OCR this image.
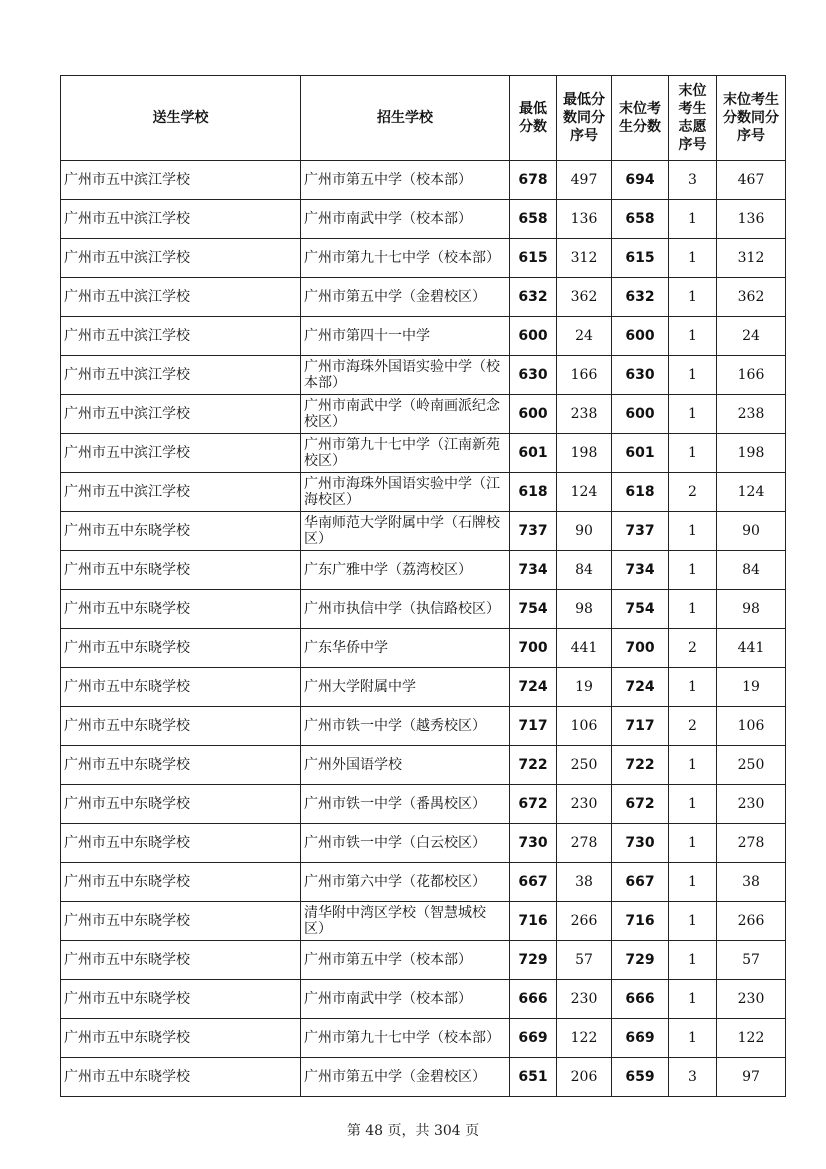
送生学校	招生学校	最低分数	最低分数同分序号	末位考生分数	末位考生志愿序号	末位考生分数同分序号

广州市五中滨江学校	广州市第五中学（校本部）	678	497	694	3	467
广州市五中滨江学校	广州市南武中学（校本部）	658	136	658	1	136
广州市五中滨江学校	广州市第九十七中学（校本部）	615	312	615	1	312
广州市五中滨江学校	广州市第五中学（金碧校区）	632	362	632	1	362
广州市五中滨江学校	广州市第四十一中学	600	24	600	1	24
广州市五中滨江学校	广州市海珠外国语实验中学（校本部）	630	166	630	1	166
广州市五中滨江学校	广州市南武中学（岭南画派纪念校区）	600	238	600	1	238
广州市五中滨江学校	广州市第九十七中学（江南新苑校区）	601	198	601	1	198
广州市五中滨江学校	广州市海珠外国语实验中学（江海校区）	618	124	618	2	124
广州市五中东晓学校	华南师范大学附属中学（石牌校区）	737	90	737	1	90
广州市五中东晓学校	广东广雅中学（荔湾校区）	734	84	734	1	84
广州市五中东晓学校	广州市执信中学（执信路校区）	754	98	754	1	98
广州市五中东晓学校	广东华侨中学	700	441	700	2	441
广州市五中东晓学校	广州大学附属中学	724	19	724	1	19
广州市五中东晓学校	广州市铁一中学（越秀校区）	717	106	717	2	106
广州市五中东晓学校	广州外国语学校	722	250	722	1	250
广州市五中东晓学校	广州市铁一中学（番禺校区）	672	230	672	1	230
广州市五中东晓学校	广州市铁一中学（白云校区）	730	278	730	1	278
广州市五中东晓学校	广州市第六中学（花都校区）	667	38	667	1	38
广州市五中东晓学校	清华附中湾区学校（智慧城校区）	716	266	716	1	266
广州市五中东晓学校	广州市第五中学（校本部）	729	57	729	1	57
广州市五中东晓学校	广州市南武中学（校本部）	666	230	666	1	230
广州市五中东晓学校	广州市第九十七中学（校本部）	669	122	669	1	122
广州市五中东晓学校	广州市第五中学（金碧校区）	651	206	659	3	97
第 48 页，共 304 页
